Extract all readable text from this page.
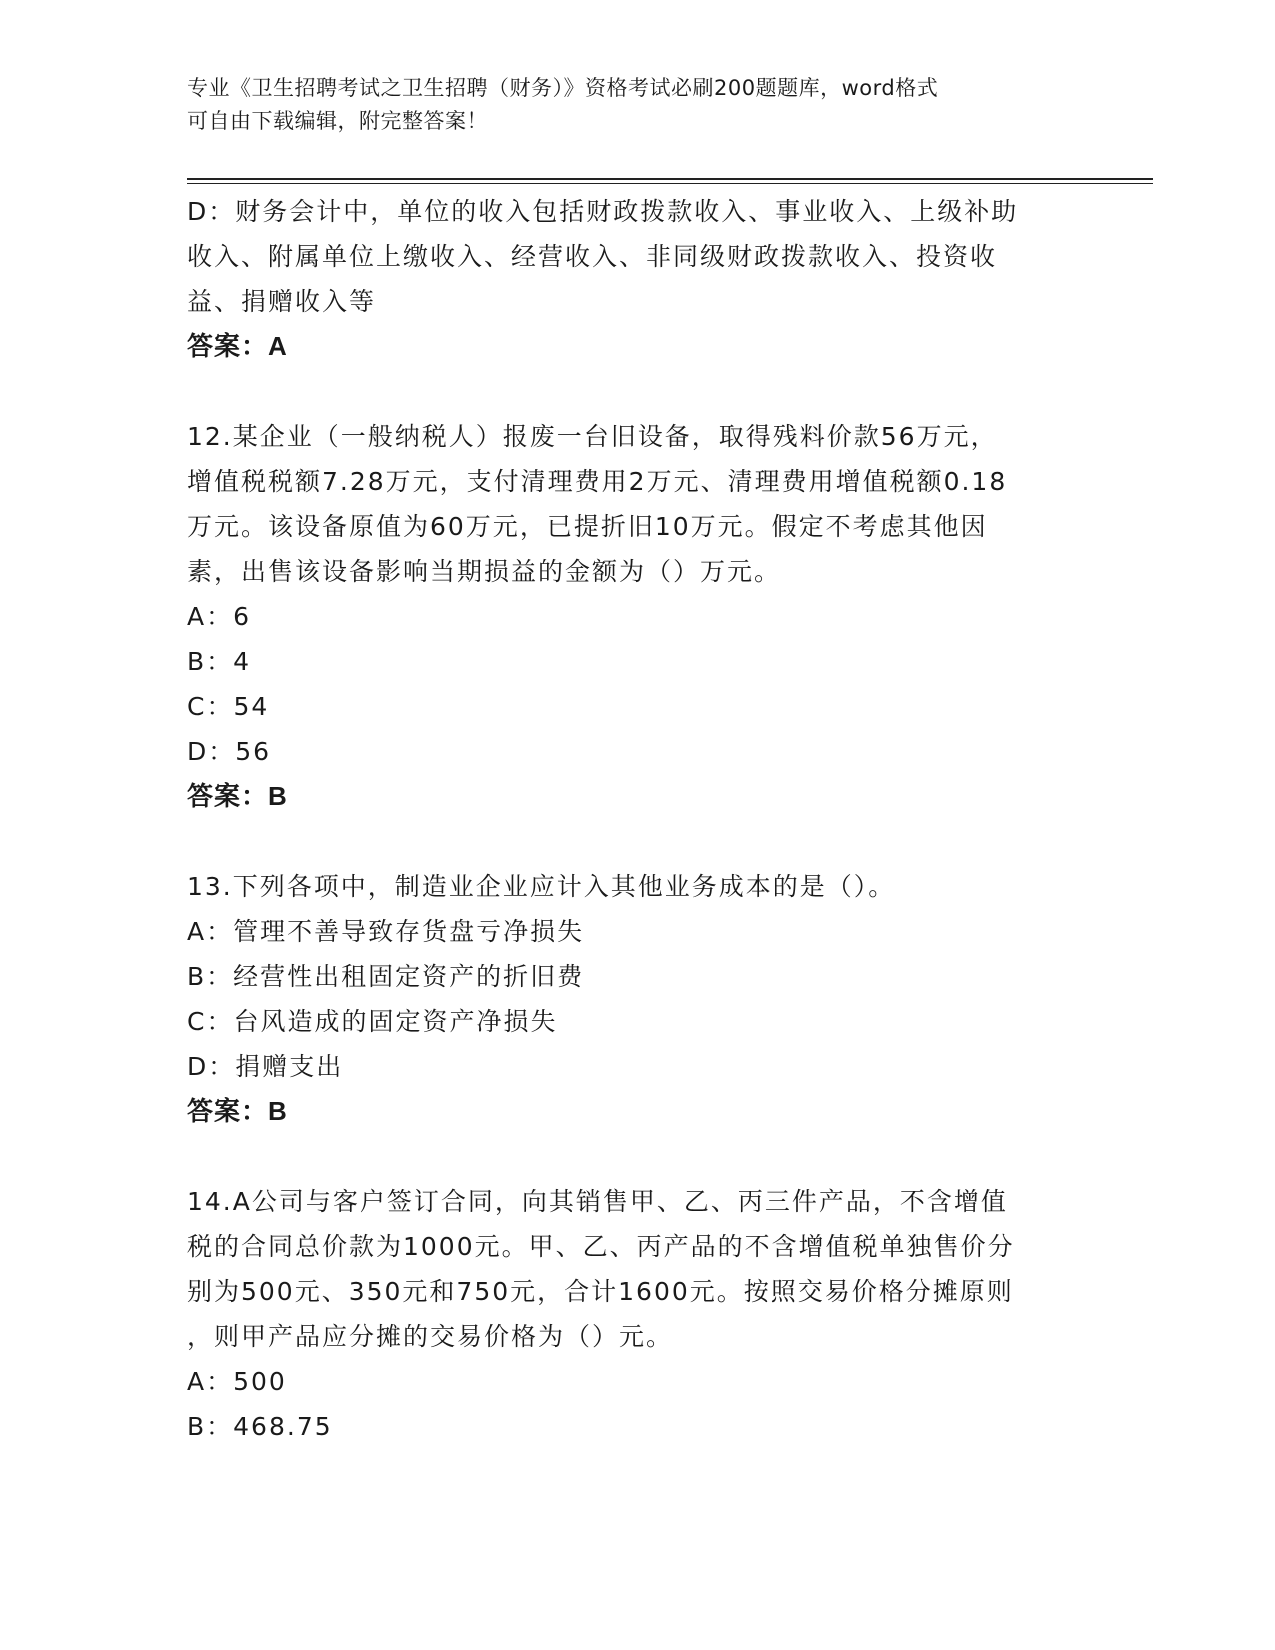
专业《卫生招聘考试之卫生招聘（财务）》资格考试必刷200题题库，word格式
可自由下载编辑，附完整答案！
D：财务会计中，单位的收入包括财政拨款收入、事业收入、上级补助
收入、附属单位上缴收入、经营收入、非同级财政拨款收入、投资收
益、捐赠收入等
答案：A
12.某企业（一般纳税人）报废一台旧设备，取得残料价款56万元，
增值税税额7.28万元，支付清理费用2万元、清理费用增值税额0.18
万元。该设备原值为60万元，已提折旧10万元。假定不考虑其他因
素，出售该设备影响当期损益的金额为（）万元。
A：6
B：4
C：54
D：56
答案：B
13.下列各项中，制造业企业应计入其他业务成本的是（）。
A：管理不善导致存货盘亏净损失
B：经营性出租固定资产的折旧费
C：台风造成的固定资产净损失
D：捐赠支出
答案：B
14.A公司与客户签订合同，向其销售甲、乙、丙三件产品，不含增值
税的合同总价款为1000元。甲、乙、丙产品的不含增值税单独售价分
别为500元、350元和750元，合计1600元。按照交易价格分摊原则
，则甲产品应分摊的交易价格为（）元。
A：500
B：468.75
